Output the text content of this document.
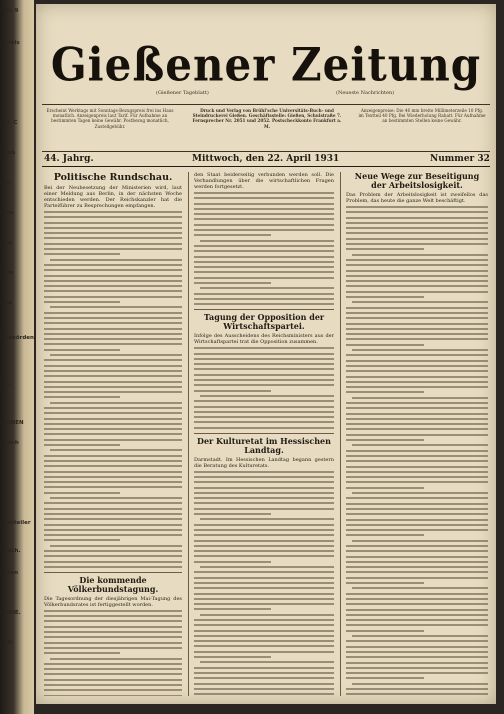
Nr. 9
Preis
Fr. C
Feb
Gi
die
Ko
We
Be
Behörden
ia
HINEN
nach
verteiler
such.
ssen
ADIE.
ER.
Gießener Zeitung
(Gießener Tageblatt)	(Neueste Nachrichten)
Erscheint Werktags mit Sonntags-Bezugspreis frei ins Haus monatlich. Anzeigenpreis laut Tarif. Für Aufnahme an bestimmten Tagen keine Gewähr. Postbezug monatlich, Zustellgebühr.
Druck und Verlag von Brühl'sche Universitäts-Buch- und Steindruckerei Gießen. Geschäftsstelle: Gießen, Schulstraße 7. Fernsprecher Nr. 2051 und 2052. Postscheckkonto Frankfurt a. M.
Anzeigenpreise: Die 46 mm breite Millimeterzeile 10 Pfg. im Textteil 40 Pfg. Bei Wiederholung Rabatt. Für Aufnahme an bestimmten Stellen keine Gewähr.
44. Jahrg.	Mittwoch, den 22. April 1931	Nummer 32
Politische Rundschau.

Bei der Neubesetzung der Ministerien wird, laut einer Meldung aus Berlin, in der nächsten Woche entschieden werden. Der Reichskanzler hat die Parteiführer zu Besprechungen empfangen.

Die kommende Völkerbundstagung.

Die Tagesordnung der diesjährigen Mai-Tagung des Völkerbundsrates ist fertiggestellt worden.

den Staat beiderseitig verbunden werden soll. Die Verhandlungen über die wirtschaftlichen Fragen werden fortgesetzt.

Tagung der Opposition der Wirtschaftspartei.

Infolge des Ausscheidens des Reichsministers aus der Wirtschaftspartei trat die Opposition zusammen.

Der Kulturetat im Hessischen Landtag.

Darmstadt. Im Hessischen Landtag begann gestern die Beratung des Kulturetats.

Neue Wege zur Beseitigung der Arbeitslosigkeit.

Das Problem der Arbeitslosigkeit ist zweifellos das Problem, das heute die ganze Welt beschäftigt.
